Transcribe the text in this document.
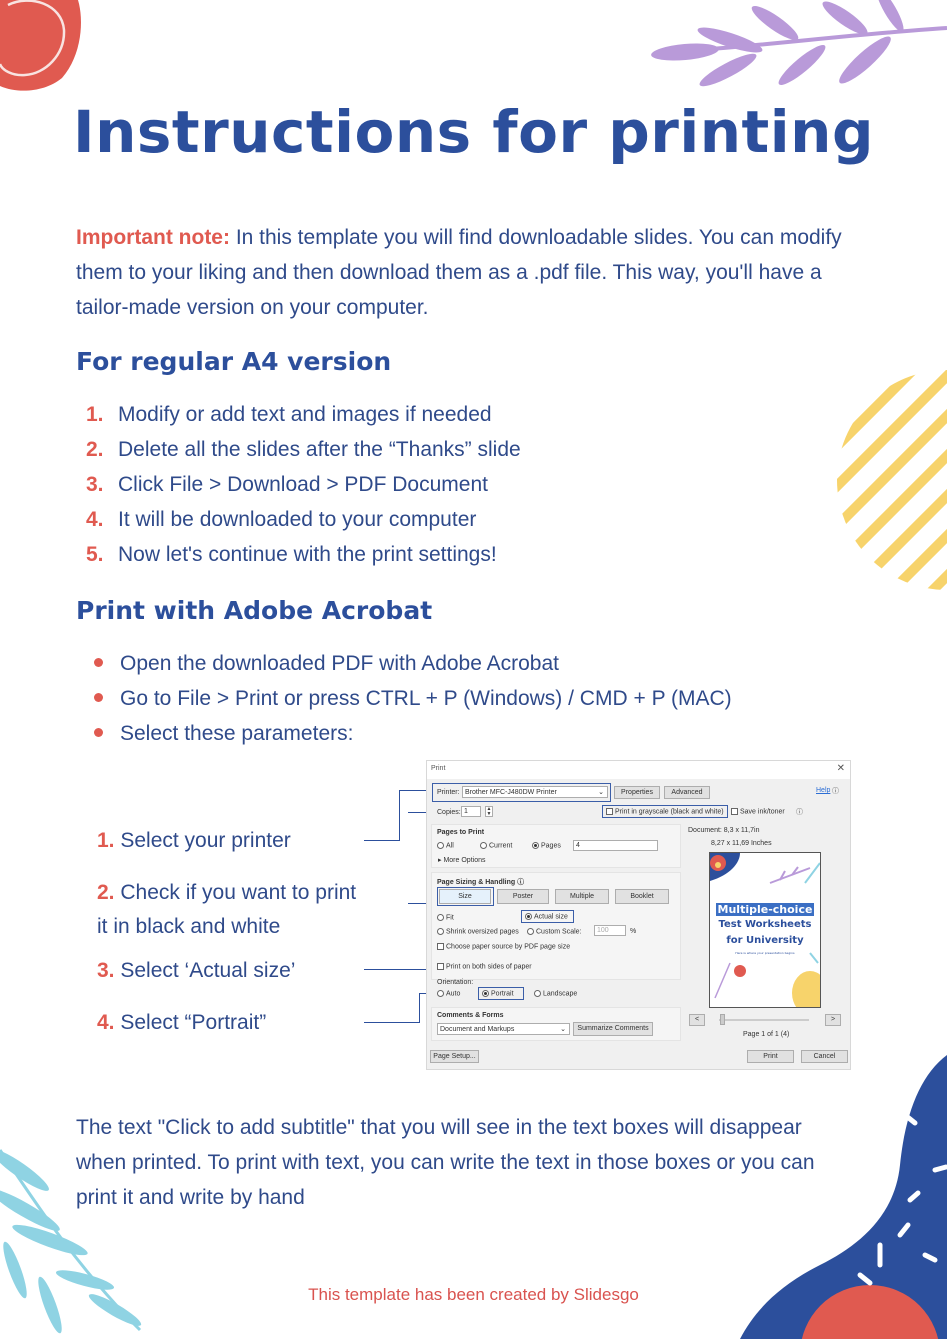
Instructions for printing

Important note: In this template you will find downloadable slides. You can modify them to your liking and then download them as a .pdf file. This way, you'll have a tailor-made version on your computer.

For regular A4 version
1. Modify or add text and images if needed
2. Delete all the slides after the “Thanks” slide
3. Click File > Download > PDF Document
4. It will be downloaded to your computer
5. Now let's continue with the print settings!
Print with Adobe Acrobat
Open the downloaded PDF with Adobe Acrobat
Go to File > Print or press CTRL + P (Windows) / CMD + P (MAC)
Select these parameters:
1. Select your printer
2. Check if you want to print
it in black and white
3. Select ‘Actual size’
4. Select “Portrait”
Print	✕
Printer: Brother MFC-J480DW Printer	⌄	Properties	Advanced	Help ⓘ
Copies: 1	▲
▼	Print in grayscale (black and white)	Save ink/toner ⓘ
Pages to Print
All	Current	Pages 4
▸ More Options
Page Sizing & Handling ⓘ
Size	Poster	Multiple	Booklet
Fit	Actual size
Shrink oversized pages	Custom Scale: 100	%
Choose paper source by PDF page size
Print on both sides of paper
Orientation:
Auto	Portrait	Landscape
Comments & Forms
Document and Markups	⌄	Summarize Comments
Document: 8,3 x 11,7in
8,27 x 11,69 Inches
Multiple-choice
Test Worksheets
for University
Here is where your presentation begins
<	>
Page 1 of 1 (4)
Page Setup...	Print	Cancel

The text "Click to add subtitle" that you will see in the text boxes will disappear when printed. To print with text, you can write the text in those boxes or you can print it and write by hand

This template has been created by Slidesgo
